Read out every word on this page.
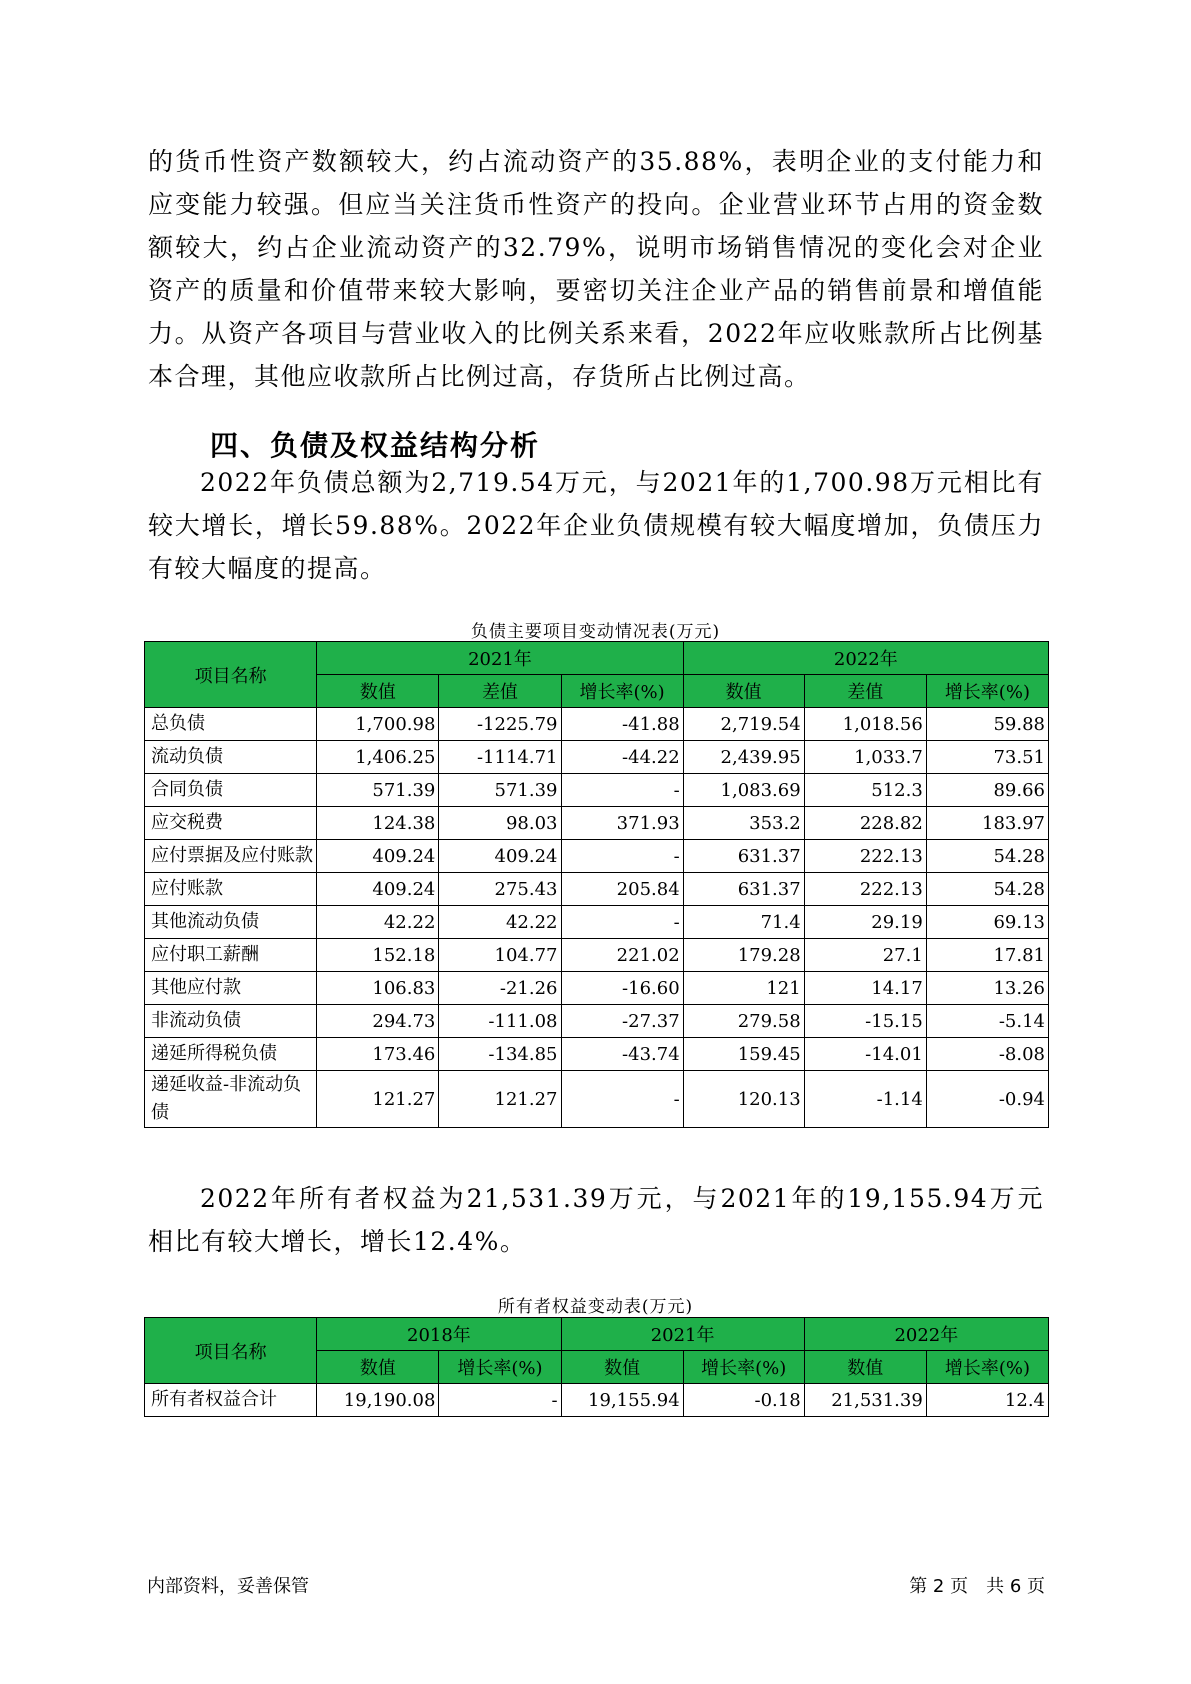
的货币性资产数额较大，约占流动资产的35.88%，表明企业的支付能力和应变能力较强。但应当关注货币性资产的投向。企业营业环节占用的资金数额较大，约占企业流动资产的32.79%，说明市场销售情况的变化会对企业资产的质量和价值带来较大影响，要密切关注企业产品的销售前景和增值能力。从资产各项目与营业收入的比例关系来看，2022年应收账款所占比例基本合理，其他应收款所占比例过高，存货所占比例过高。

四、负债及权益结构分析

2022年负债总额为2,719.54万元，与2021年的1,700.98万元相比有较大增长，增长59.88%。2022年企业负债规模有较大幅度增加，负债压力有较大幅度的提高。

负债主要项目变动情况表(万元)
项目名称	2021年			2022年		
	数值	差值	增长率(%)	数值	差值	增长率(%)
总负债	1,700.98	-1225.79	-41.88	2,719.54	1,018.56	59.88
流动负债	1,406.25	-1114.71	-44.22	2,439.95	1,033.7	73.51
合同负债	571.39	571.39	-	1,083.69	512.3	89.66
应交税费	124.38	98.03	371.93	353.2	228.82	183.97
应付票据及应付账款	409.24	409.24	-	631.37	222.13	54.28
应付账款	409.24	275.43	205.84	631.37	222.13	54.28
其他流动负债	42.22	42.22	-	71.4	29.19	69.13
应付职工薪酬	152.18	104.77	221.02	179.28	27.1	17.81
其他应付款	106.83	-21.26	-16.60	121	14.17	13.26
非流动负债	294.73	-111.08	-27.37	279.58	-15.15	-5.14
递延所得税负债	173.46	-134.85	-43.74	159.45	-14.01	-8.08
递延收益-非流动负债	121.27	121.27	-	120.13	-1.14	-0.94

2022年所有者权益为21,531.39万元，与2021年的19,155.94万元相比有较大增长，增长12.4%。

所有者权益变动表(万元)
项目名称	2018年		2021年		2022年	
	数值	增长率(%)	数值	增长率(%)	数值	增长率(%)
所有者权益合计	19,190.08	-	19,155.94	-0.18	21,531.39	12.4
内部资料，妥善保管	第 2 页　共 6 页
